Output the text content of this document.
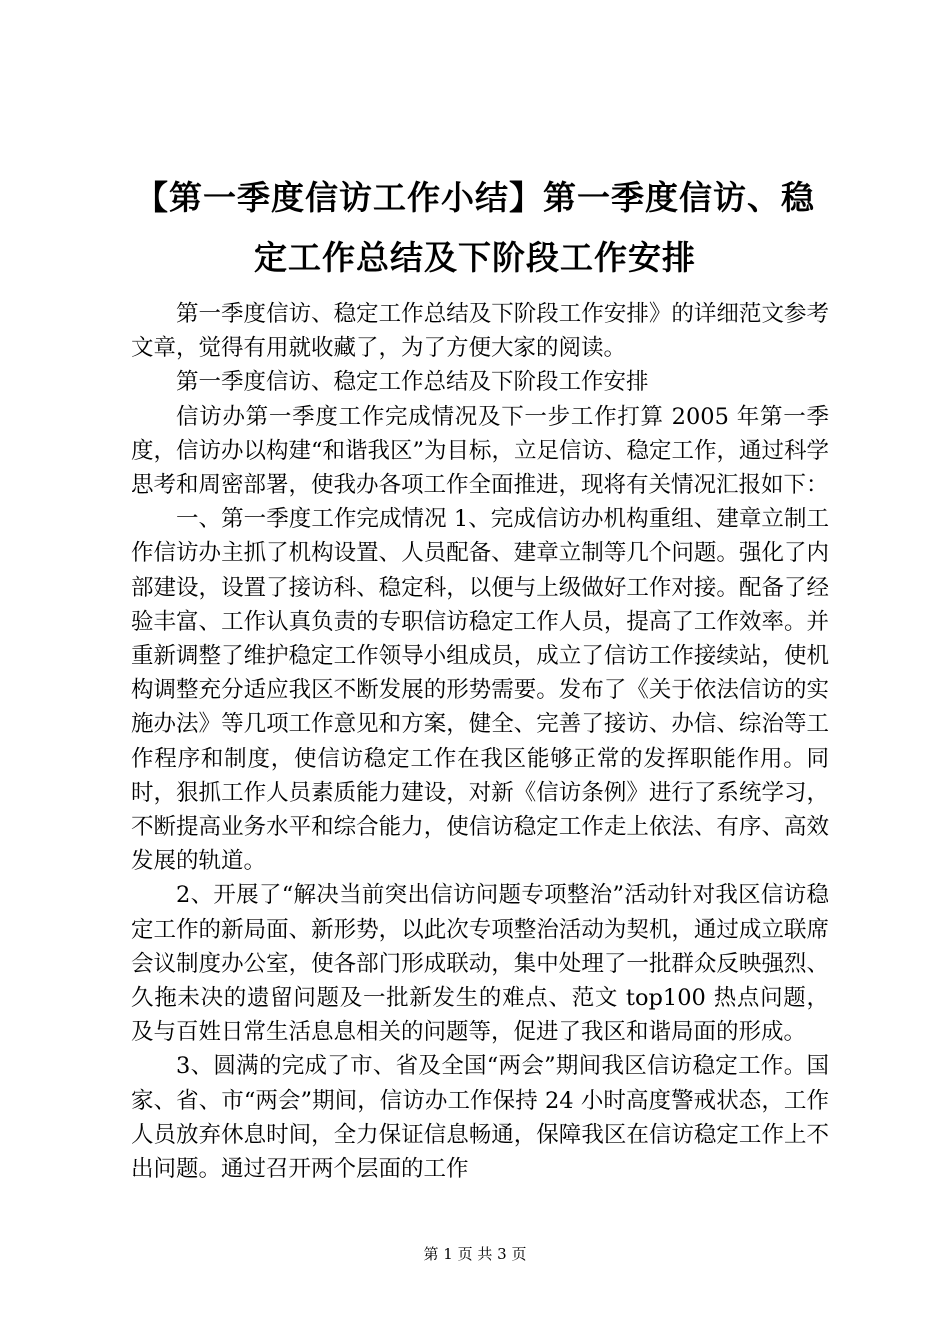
【第一季度信访工作小结】第一季度信访、稳
定工作总结及下阶段工作安排

第一季度信访、稳定工作总结及下阶段工作安排》的详细范文参考文章，觉得有用就收藏了，为了方便大家的阅读。

第一季度信访、稳定工作总结及下阶段工作安排

信访办第一季度工作完成情况及下一步工作打算 2005 年第一季度，信访办以构建“和谐我区”为目标，立足信访、稳定工作，通过科学思考和周密部署，使我办各项工作全面推进，现将有关情况汇报如下：

一、第一季度工作完成情况 1、完成信访办机构重组、建章立制工作信访办主抓了机构设置、人员配备、建章立制等几个问题。强化了内部建设，设置了接访科、稳定科，以便与上级做好工作对接。配备了经验丰富、工作认真负责的专职信访稳定工作人员，提高了工作效率。并重新调整了维护稳定工作领导小组成员，成立了信访工作接续站，使机构调整充分适应我区不断发展的形势需要。发布了《关于依法信访的实施办法》等几项工作意见和方案，健全、完善了接访、办信、综治等工作程序和制度，使信访稳定工作在我区能够正常的发挥职能作用。同时，狠抓工作人员素质能力建设，对新《信访条例》进行了系统学习，不断提高业务水平和综合能力，使信访稳定工作走上依法、有序、高效发展的轨道。

2、开展了“解决当前突出信访问题专项整治”活动针对我区信访稳定工作的新局面、新形势，以此次专项整治活动为契机，通过成立联席会议制度办公室，使各部门形成联动，集中处理了一批群众反映强烈、久拖未决的遗留问题及一批新发生的难点、范文 top100 热点问题，及与百姓日常生活息息相关的问题等，促进了我区和谐局面的形成。

3、圆满的完成了市、省及全国“两会”期间我区信访稳定工作。国家、省、市“两会”期间，信访办工作保持 24 小时高度警戒状态，工作人员放弃休息时间，全力保证信息畅通，保障我区在信访稳定工作上不出问题。通过召开两个层面的工作

第 1 页 共 3 页
